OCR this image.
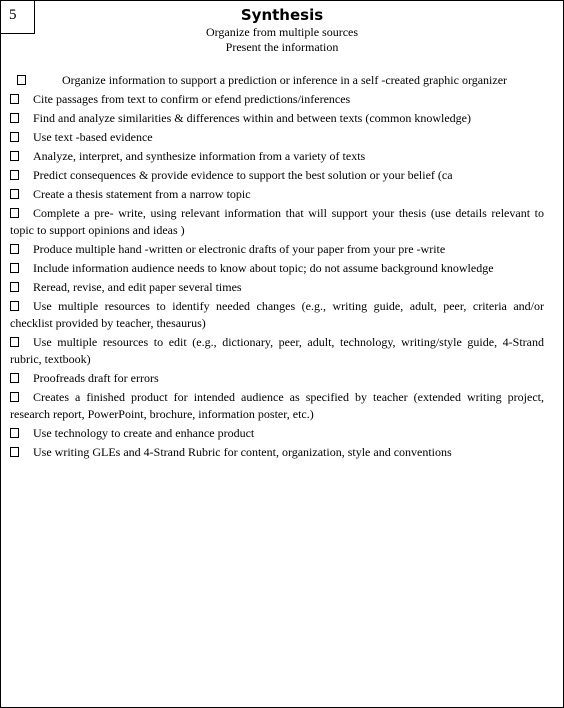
5	Synthesis
Organize from multiple sources
Present the information
Organize information to support a prediction or inference in a self -created graphic organizer
Cite passages from text to confirm or efend predictions/inferences
Find and analyze similarities & differences within and between texts (common knowledge)
Use text -based evidence
Analyze, interpret, and synthesize information from a variety of texts
Predict consequences & provide evidence to support the best solution or your belief (ca
Create a thesis statement from a narrow topic
Complete a pre- write, using relevant information that will support your thesis (use details relevant to topic to support opinions and ideas )
Produce multiple hand -written or electronic drafts of your paper from your pre -write
Include information audience needs to know about topic; do not assume background knowledge
Reread, revise, and edit paper several times
Use multiple resources to identify needed changes (e.g., writing guide, adult, peer, criteria and/or checklist provided by teacher, thesaurus)
Use multiple resources to edit (e.g., dictionary, peer, adult, technology, writing/style guide, 4-Strand rubric, textbook)
Proofreads draft for errors
Creates a finished product for intended audience as specified by teacher (extended writing project, research report, PowerPoint, brochure, information poster, etc.)
Use technology to create and enhance product
Use writing GLEs and 4-Strand Rubric for content, organization, style and conventions
